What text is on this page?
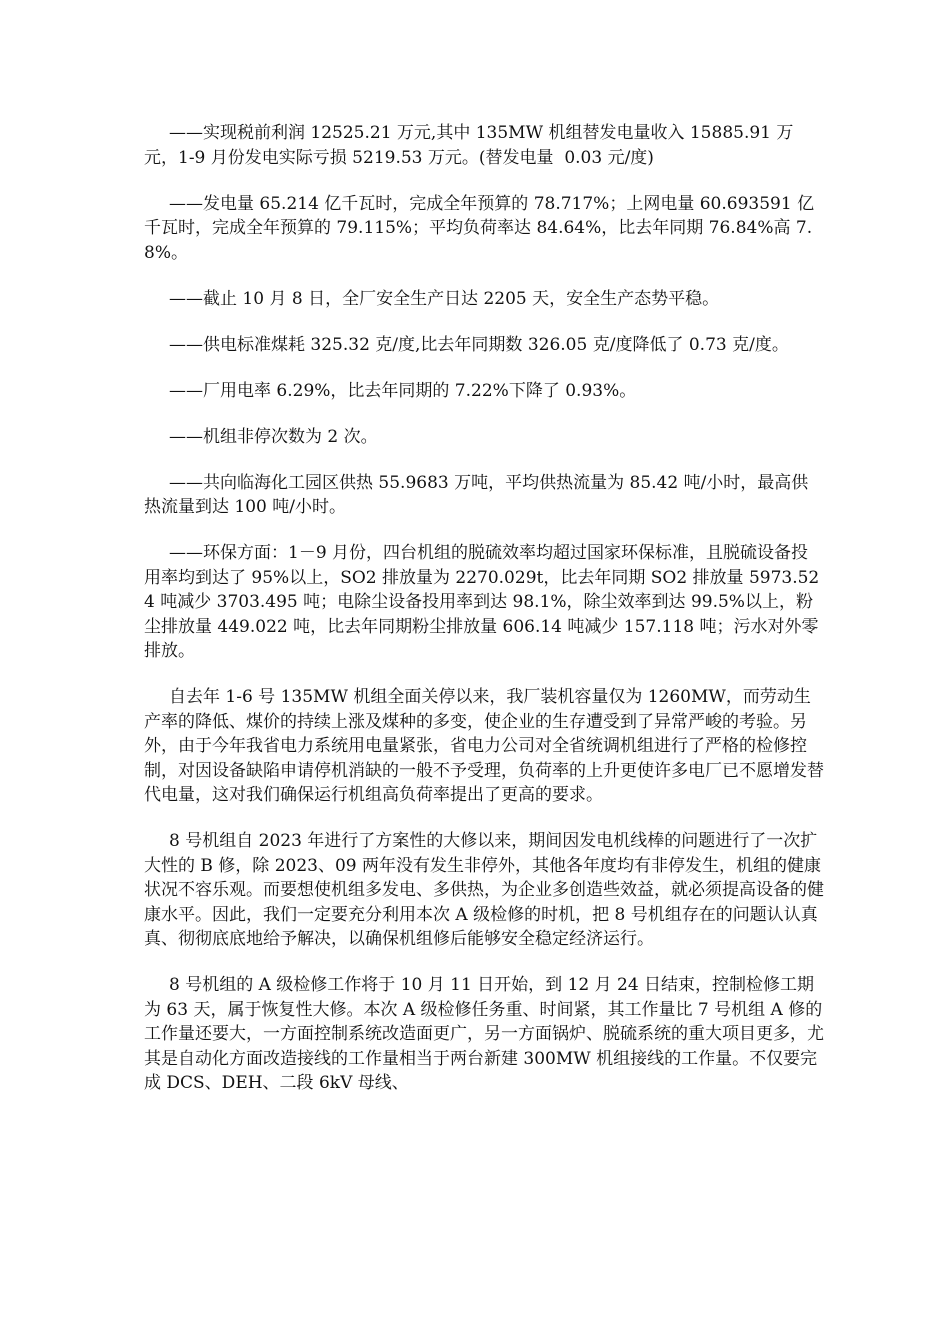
——实现税前利润 12525.21 万元,其中 135MW 机组替发电量收入 15885.91 万元，1-9 月份发电实际亏损 5219.53 万元。(替发电量  0.03 元/度)

——发电量 65.214 亿千瓦时，完成全年预算的 78.717%；上网电量 60.693591 亿千瓦时，完成全年预算的 79.115%；平均负荷率达 84.64%，比去年同期 76.84%高 7.8%。

——截止 10 月 8 日，全厂安全生产日达 2205 天，安全生产态势平稳。

——供电标准煤耗 325.32 克/度,比去年同期数 326.05 克/度降低了 0.73 克/度。

——厂用电率 6.29%，比去年同期的 7.22%下降了 0.93%。

——机组非停次数为 2 次。

——共向临海化工园区供热 55.9683 万吨，平均供热流量为 85.42 吨/小时，最高供热流量到达 100 吨/小时。

——环保方面：1－9 月份，四台机组的脱硫效率均超过国家环保标准，且脱硫设备投用率均到达了 95%以上，SO2 排放量为 2270.029t，比去年同期 SO2 排放量 5973.524 吨减少 3703.495 吨；电除尘设备投用率到达 98.1%，除尘效率到达 99.5%以上，粉尘排放量 449.022 吨，比去年同期粉尘排放量 606.14 吨减少 157.118 吨；污水对外零排放。

自去年 1-6 号 135MW 机组全面关停以来，我厂装机容量仅为 1260MW，而劳动生产率的降低、煤价的持续上涨及煤种的多变，使企业的生存遭受到了异常严峻的考验。另外，由于今年我省电力系统用电量紧张，省电力公司对全省统调机组进行了严格的检修控制，对因设备缺陷申请停机消缺的一般不予受理，负荷率的上升更使许多电厂已不愿增发替代电量，这对我们确保运行机组高负荷率提出了更高的要求。

8 号机组自 2023 年进行了方案性的大修以来，期间因发电机线棒的问题进行了一次扩大性的 B 修，除 2023、09 两年没有发生非停外，其他各年度均有非停发生，机组的健康状况不容乐观。而要想使机组多发电、多供热，为企业多创造些效益，就必须提高设备的健康水平。因此，我们一定要充分利用本次 A 级检修的时机，把 8 号机组存在的问题认认真真、彻彻底底地给予解决，以确保机组修后能够安全稳定经济运行。

8 号机组的 A 级检修工作将于 10 月 11 日开始，到 12 月 24 日结束，控制检修工期为 63 天，属于恢复性大修。本次 A 级检修任务重、时间紧，其工作量比 7 号机组 A 修的工作量还要大，一方面控制系统改造面更广，另一方面锅炉、脱硫系统的重大项目更多，尤其是自动化方面改造接线的工作量相当于两台新建 300MW 机组接线的工作量。不仅要完成 DCS、DEH、二段 6kV 母线、
